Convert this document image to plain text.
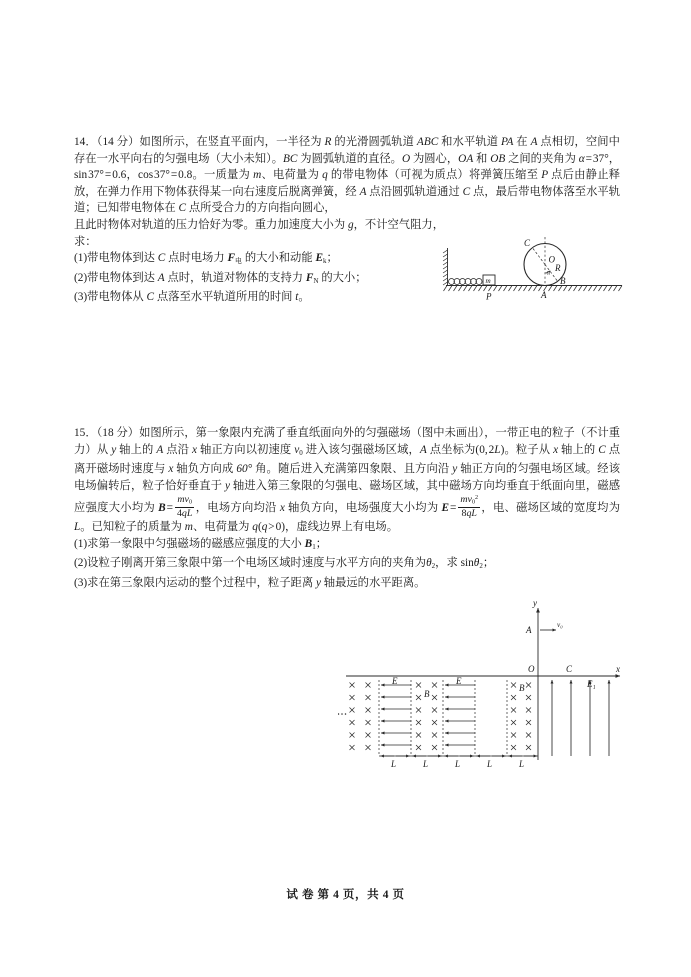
14．（14 分）如图所示，在竖直平面内，一半径为 R 的光滑圆弧轨道 ABC 和水平轨道 PA 在 A 点相切，空间中存在一水平向右的匀强电场（大小未知）。BC 为圆弧轨道的直径。O 为圆心，OA 和 OB 之间的夹角为 α = 37°，sin 37° = 0.6，cos 37° = 0.8。一质量为 m、电荷量为 q 的带电物体（可视为质点）将弹簧压缩至 P 点后由静止释放，在弹力作用下物体获得某一向右速度后脱离弹簧，经 A 点沿圆弧轨道通过 C 点，最后带电物体落至水平轨道；已知带电物体在 C 点所受合力的方向指向圆心，
且此时物体对轨道的压力恰好为零。重力加速度大小为 g，不计空气阻力，
求：
(1)带电物体到达 C 点时电场力 $F_电$ 的大小和动能 $E_k$；
(2)带电物体到达 A 点时，轨道对物体的支持力 $F_N$ 的大小；
(3)带电物体从 C 点落至水平轨道所用的时间 t。
O
C
B
A
P
R
α
m
15．（18 分）如图所示，第一象限内充满了垂直纸面向外的匀强磁场（图中未画出），一带正电的粒子（不计重力）从 y 轴上的 A 点沿 x 轴正方向以初速度 $v_0$ 进入该匀强磁场区域，A 点坐标为(0, 2L)。粒子从 x 轴上的 C 点离开磁场时速度与 x 轴负方向成 60° 角。随后进入充满第四象限、且方向沿 y 轴正方向的匀强电场区域。经该电场偏转后，粒子恰好垂直于 y 轴进入第三象限的匀强电、磁场区域，其中磁场方向均垂直于纸面向里，磁感应强度大小均为 B =  $\frac{mv_0}{4qL}$ ，电场方向均沿 x 轴负方向，电场强度大小均为 E =  $\frac{mv_0^2}{8qL}$ ，电、磁场区域的宽度均为 L。已知粒子的质量为 m、电荷量为 q(q > 0)，虚线边界上有电场。
(1)求第一象限中匀强磁场的磁感应强度的大小 $B_1$；
(2)设粒子刚离开第三象限中第一个电场区域时速度与水平方向的夹角为$\theta_2$，求 sinθ$_2$；
(3)求在第三象限内运动的整个过程中，粒子距离 y 轴最远的水平距离。
y
x
O
A	v₀
C
E₁
E	E
B
B
L	L	L	L	L
试 卷 第 4 页，共 4 页
